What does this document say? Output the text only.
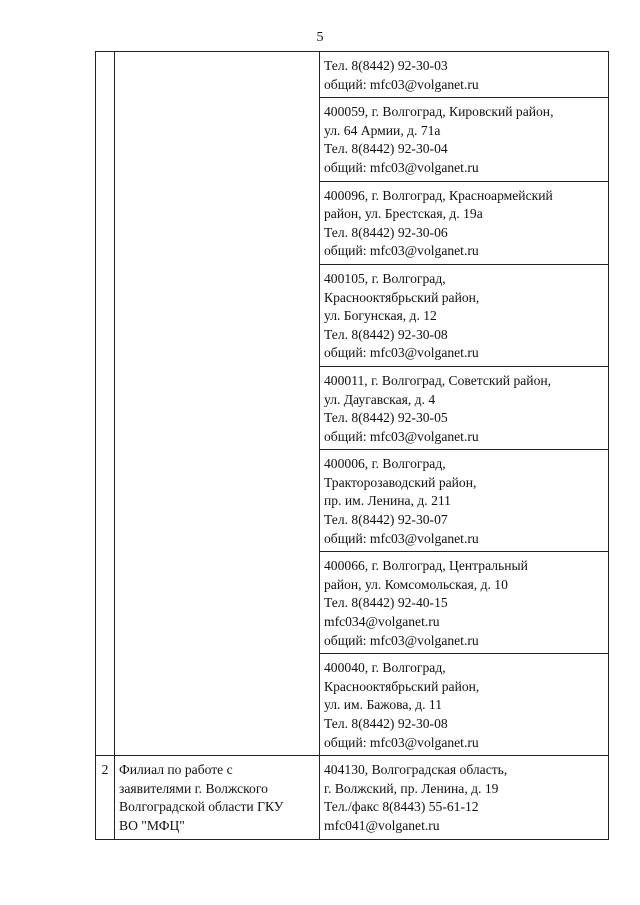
5

		Тел. 8(8442) 92-30-03
общий: mfc03@volganet.ru

		400059, г. Волгоград, Кировский район,
ул. 64 Армии, д. 71а
Тел. 8(8442) 92-30-04
общий: mfc03@volganet.ru

		400096, г. Волгоград, Красноармейский
район, ул. Брестская, д. 19а
Тел. 8(8442) 92-30-06
общий: mfc03@volganet.ru

		400105, г. Волгоград,
Краснооктябрьский район,
ул. Богунская, д. 12
Тел. 8(8442) 92-30-08
общий: mfc03@volganet.ru

		400011, г. Волгоград, Советский район,
ул. Даугавская, д. 4
Тел. 8(8442) 92-30-05
общий: mfc03@volganet.ru

		400006, г. Волгоград,
Тракторозаводский район,
пр. им. Ленина, д. 211
Тел. 8(8442) 92-30-07
общий: mfc03@volganet.ru

		400066, г. Волгоград, Центральный
район, ул. Комсомольская, д. 10
Тел. 8(8442) 92-40-15
mfc034@volganet.ru
общий: mfc03@volganet.ru

		400040, г. Волгоград,
Краснооктябрьский район,
ул. им. Бажова, д. 11
Тел. 8(8442) 92-30-08
общий: mfc03@volganet.ru

2	Филиал по работе с
заявителями г. Волжского
Волгоградской области ГКУ
ВО "МФЦ"	404130, Волгоградская область,
г. Волжский, пр. Ленина, д. 19
Тел./факс 8(8443) 55-61-12
mfc041@volganet.ru
